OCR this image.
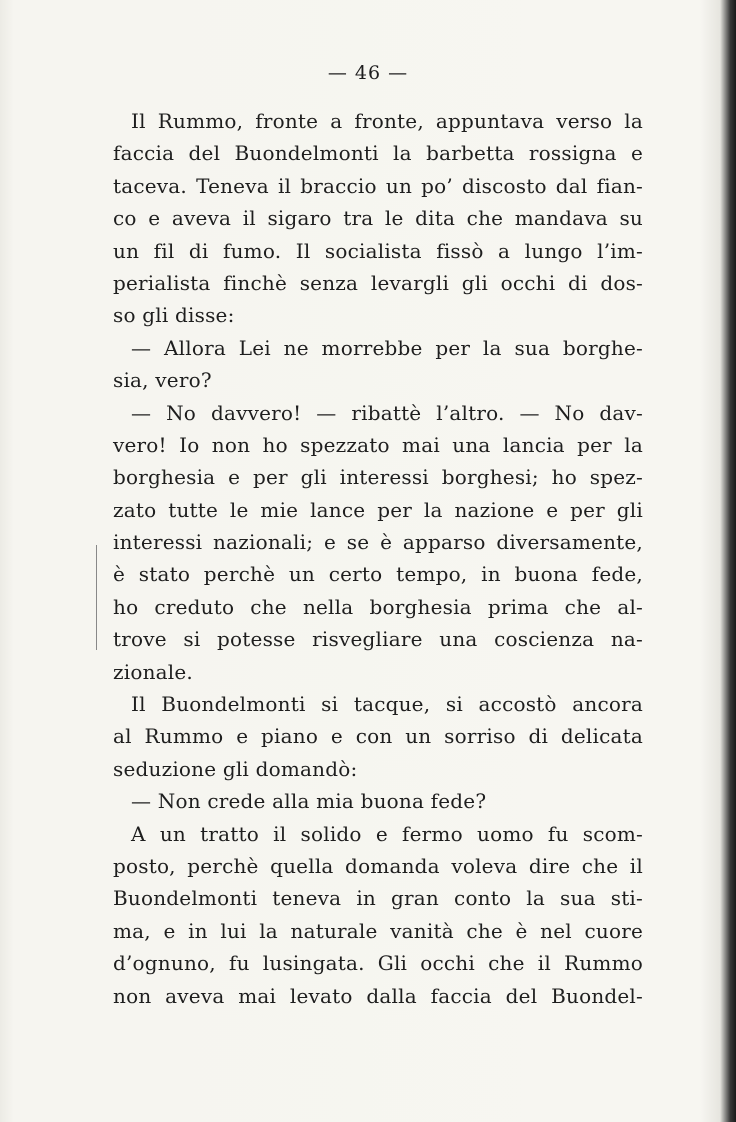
— 46 —
Il Rummo, fronte a fronte, appuntava verso la
faccia del Buondelmonti la barbetta rossigna e
taceva. Teneva il braccio un po’ discosto dal fian-
co e aveva il sigaro tra le dita che mandava su
un fil di fumo. Il socialista fissò a lungo l’im-
perialista finchè senza levargli gli occhi di dos-
so gli disse:
— Allora Lei ne morrebbe per la sua borghe-
sia, vero?
— No davvero! — ribattè l’altro. — No dav-
vero! Io non ho spezzato mai una lancia per la
borghesia e per gli interessi borghesi; ho spez-
zato tutte le mie lance per la nazione e per gli
interessi nazionali; e se è apparso diversamente,
è stato perchè un certo tempo, in buona fede,
ho creduto che nella borghesia prima che al-
trove si potesse risvegliare una coscienza na-
zionale.
Il Buondelmonti si tacque, si accostò ancora
al Rummo e piano e con un sorriso di delicata
seduzione gli domandò:
— Non crede alla mia buona fede?
A un tratto il solido e fermo uomo fu scom-
posto, perchè quella domanda voleva dire che il
Buondelmonti teneva in gran conto la sua sti-
ma, e in lui la naturale vanità che è nel cuore
d’ognuno, fu lusingata. Gli occhi che il Rummo
non aveva mai levato dalla faccia del Buondel-
